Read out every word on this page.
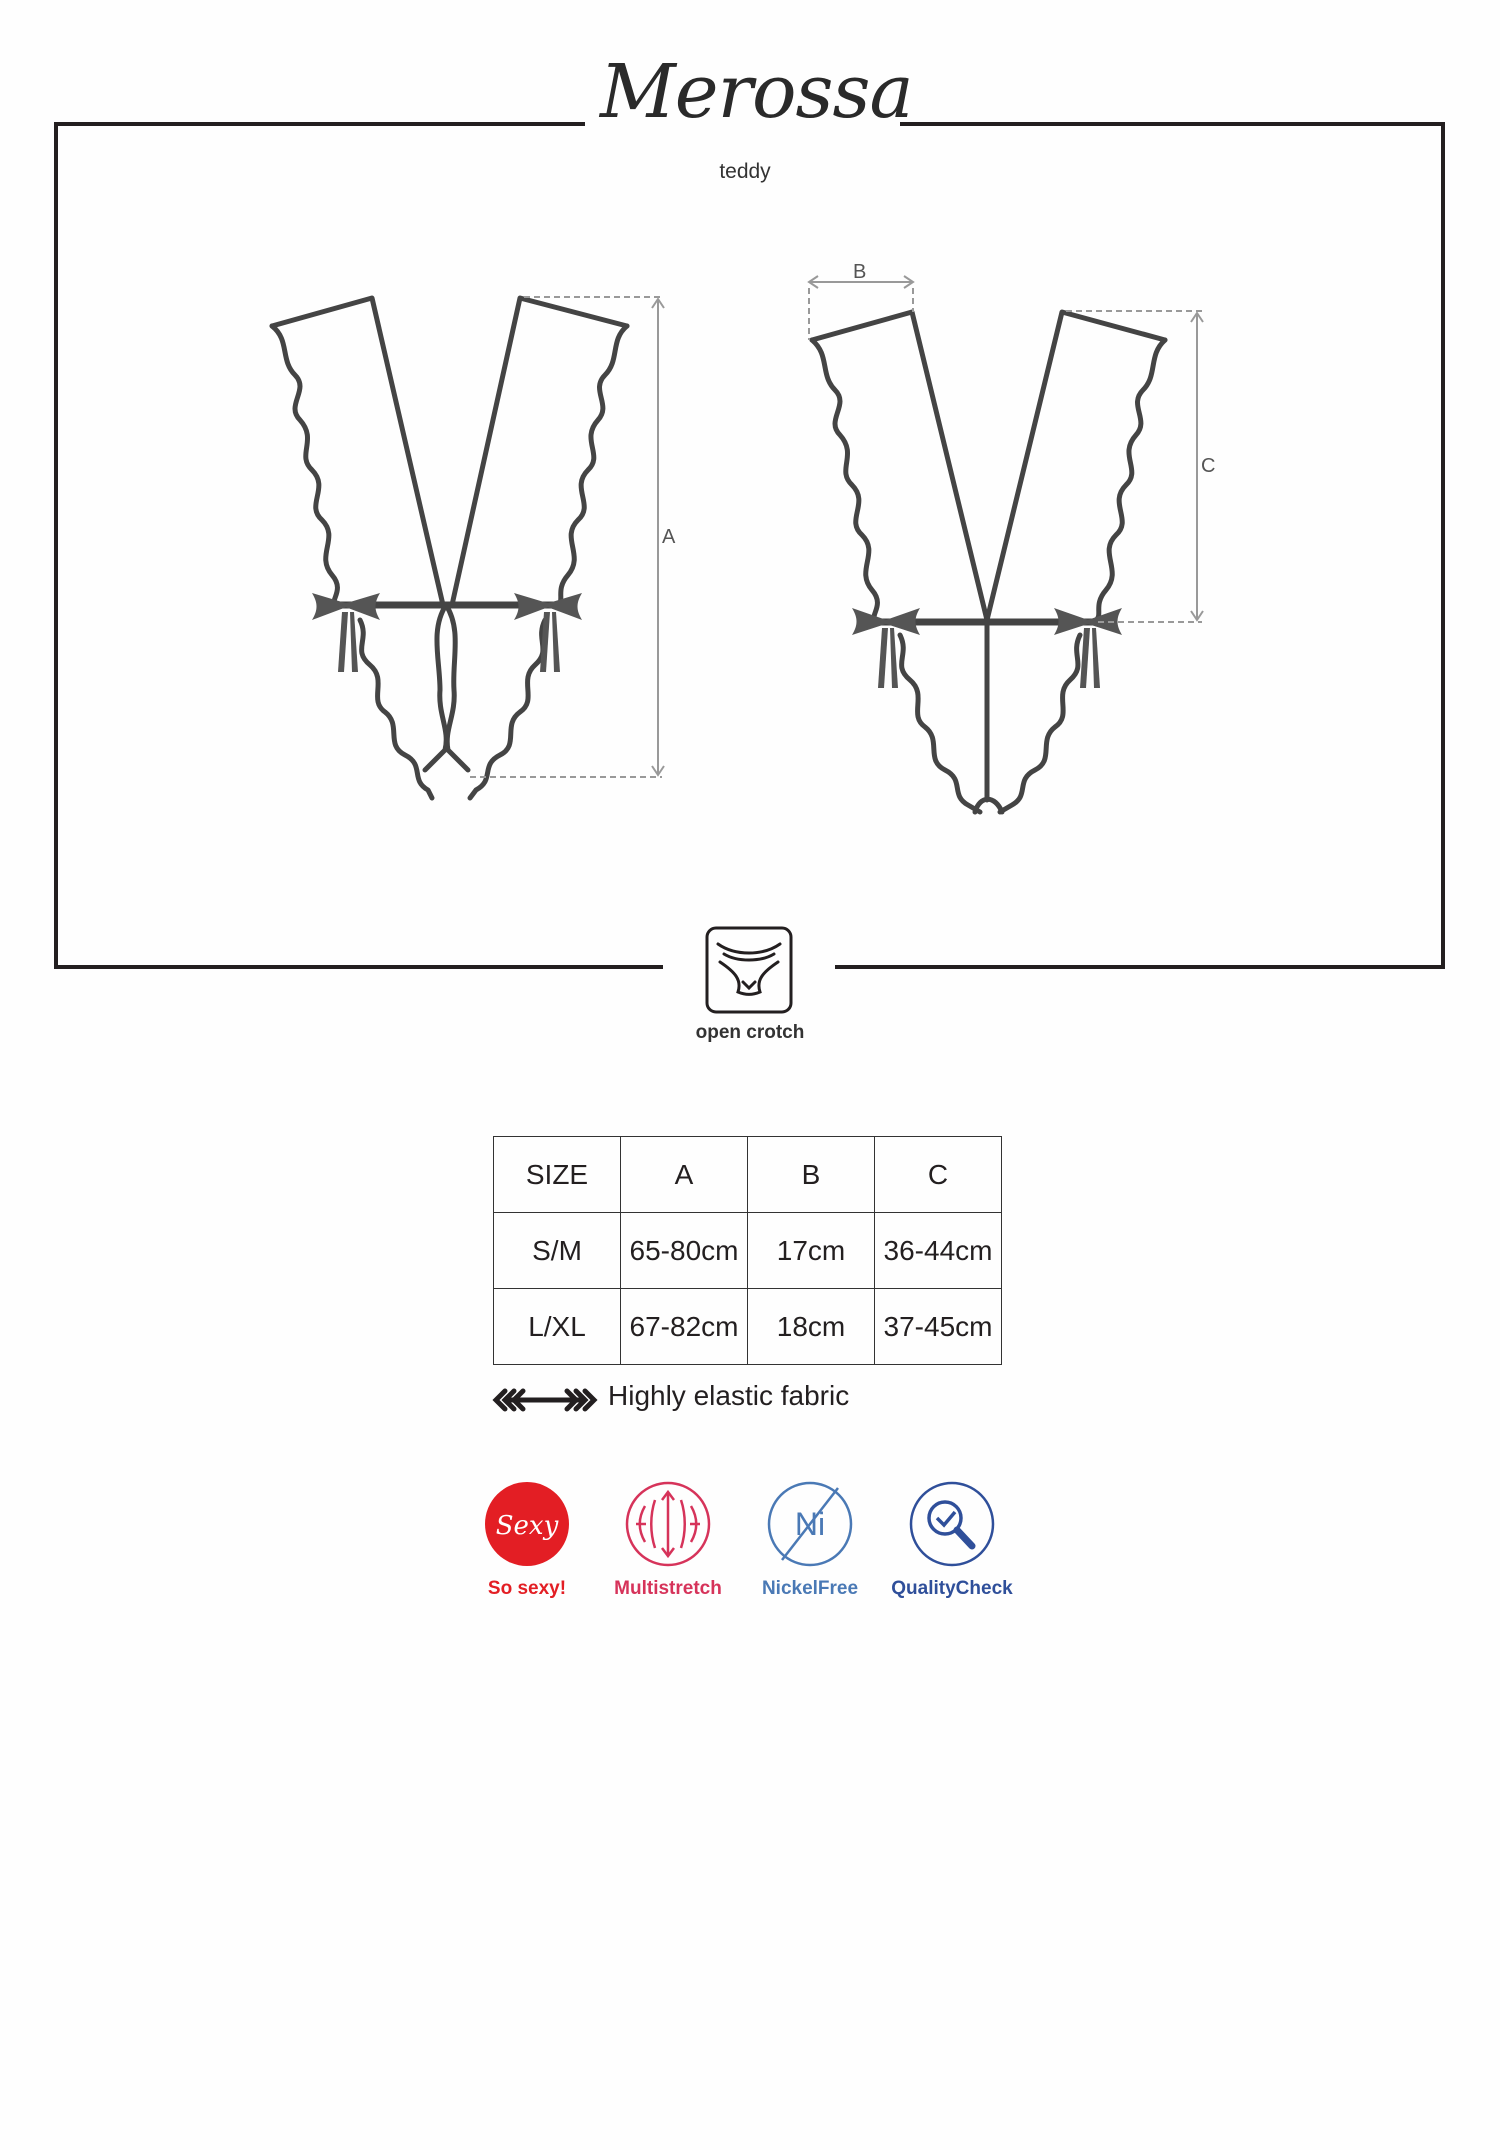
Sexy	Ni
Merossa
teddy
A
B
C
open crotch
SIZE	A	B	C
S/M	65-80cm	17cm	36-44cm
L/XL	67-82cm	18cm	37-45cm
Highly elastic fabric
So sexy!	Multistretch	NickelFree	QualityCheck
